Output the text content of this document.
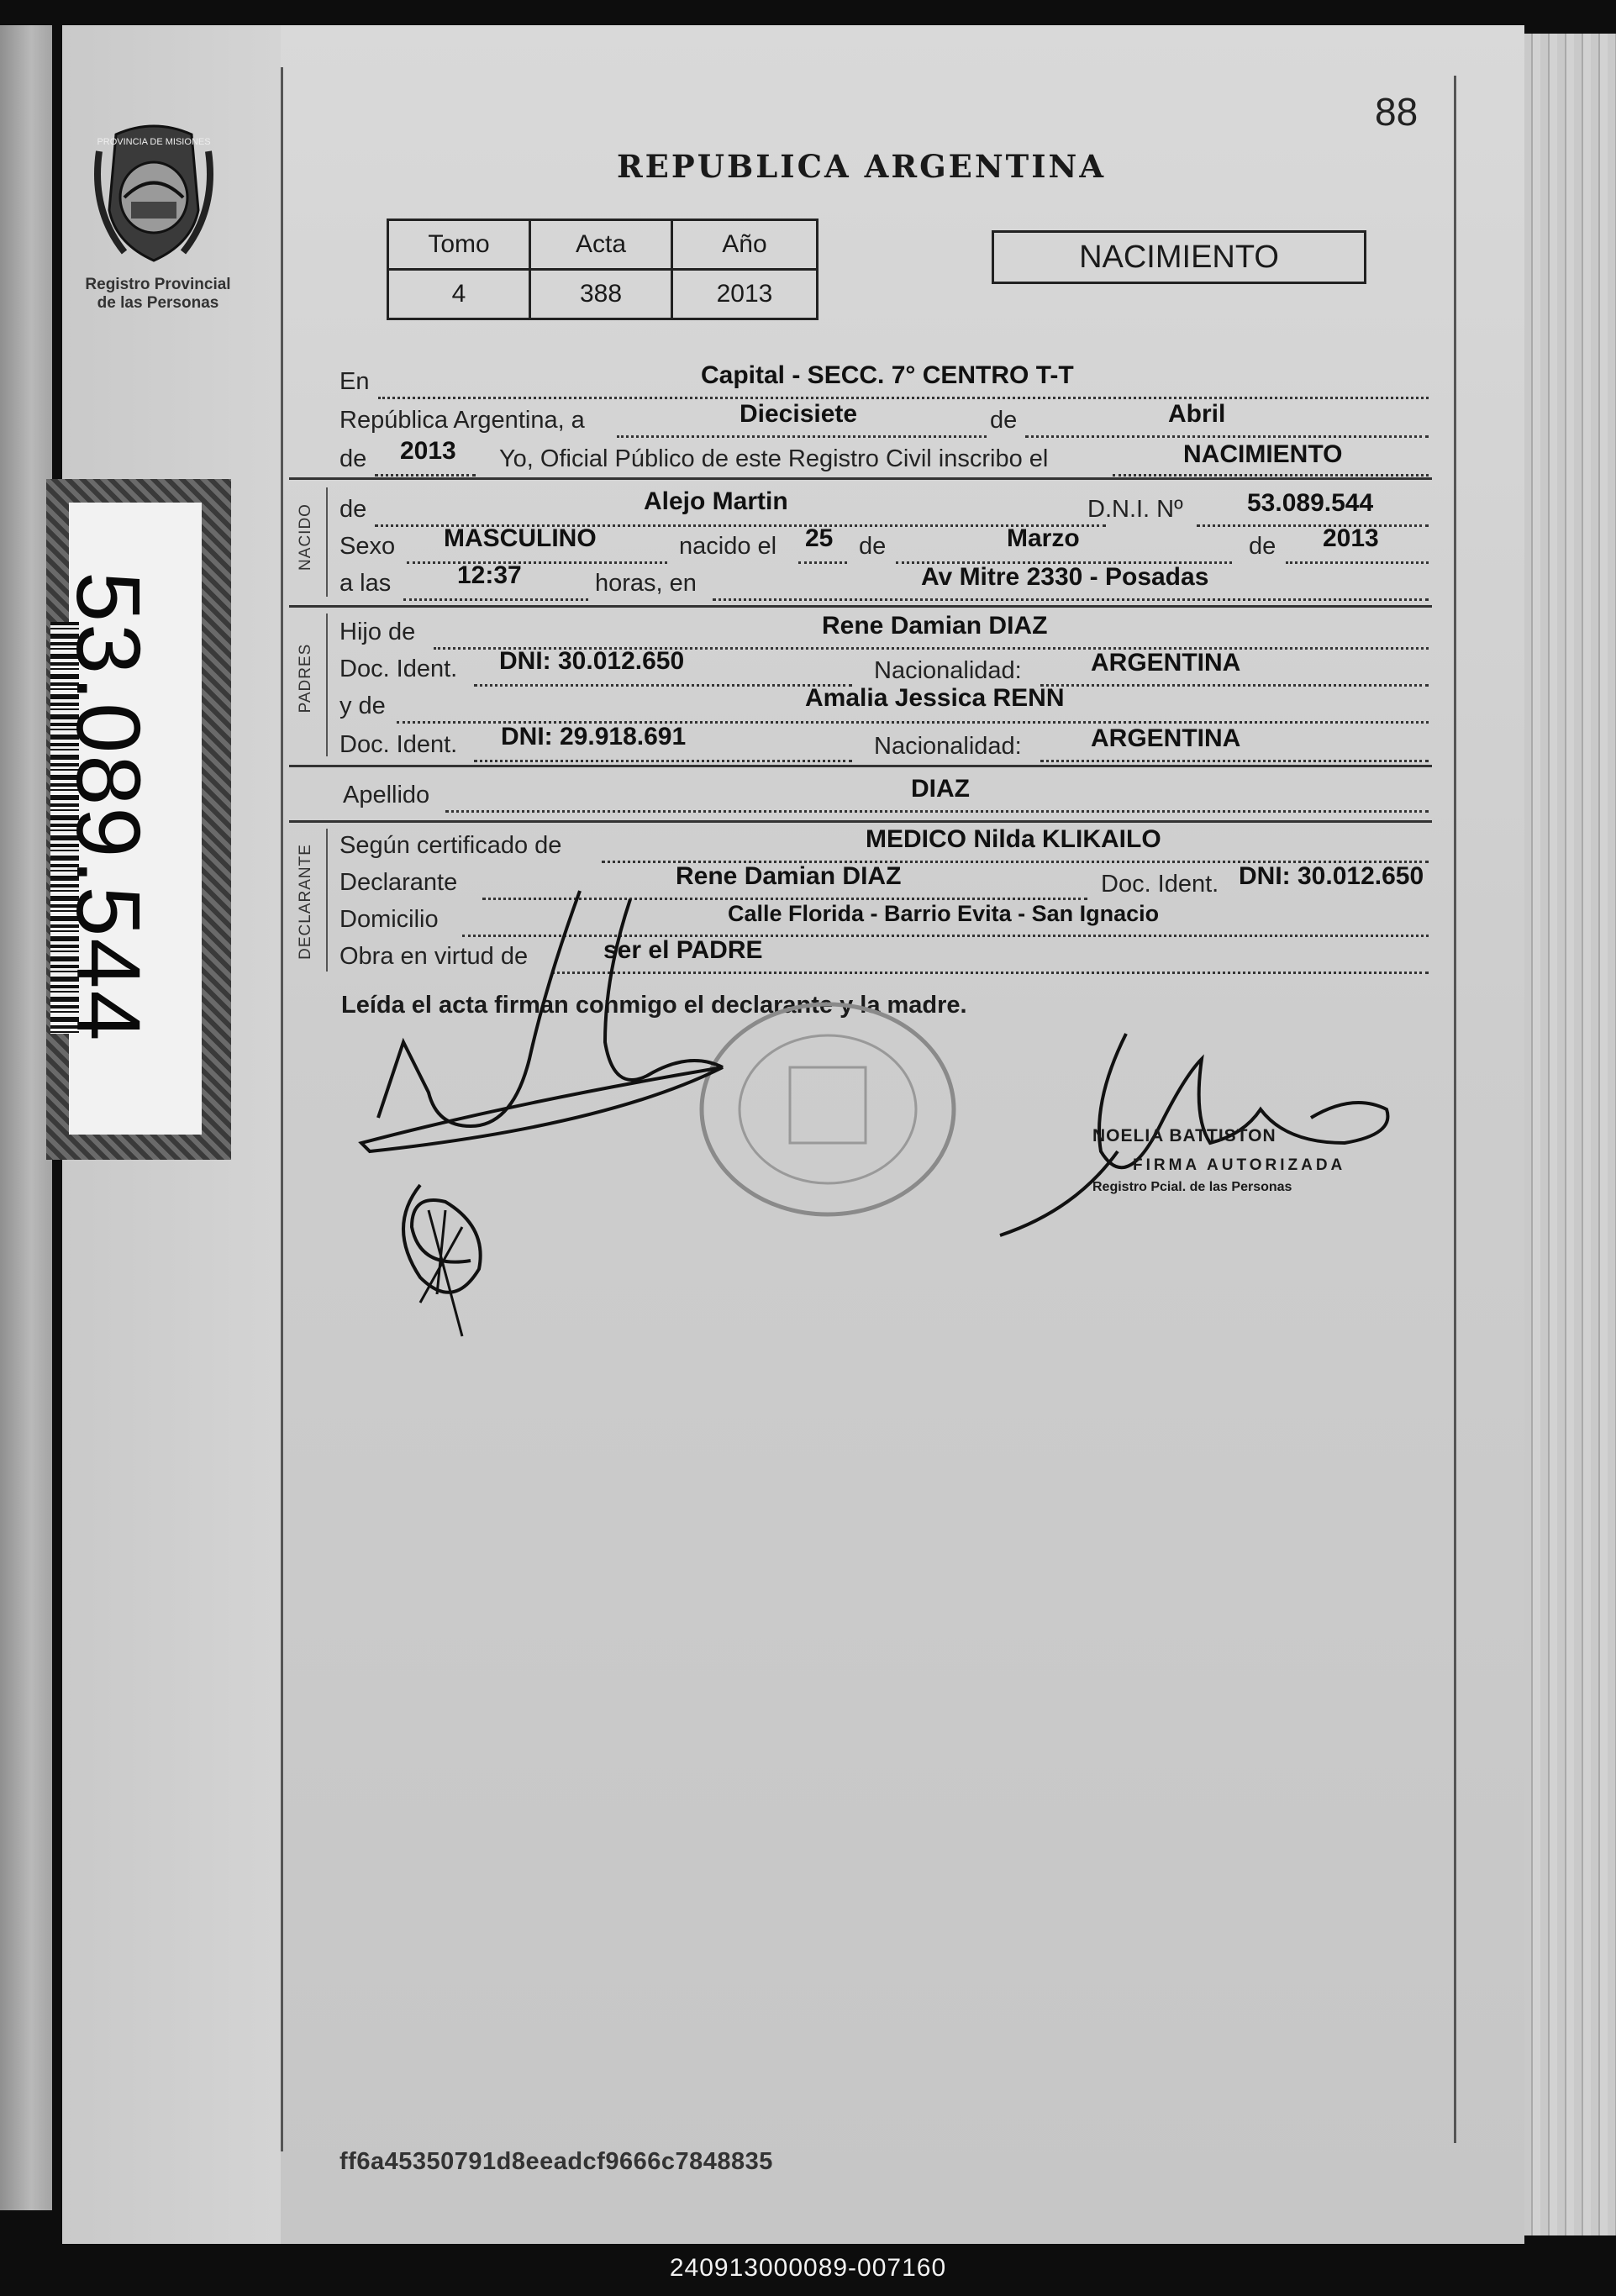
PROVINCIA DE MISIONES
Registro Provincial
de las Personas
53.089.544
88
REPUBLICA ARGENTINA
Tomo	Acta	Año
4	388	2013
NACIMIENTO
NACIDO
PADRES
DECLARANTE
En	Capital - SECC. 7° CENTRO T-T
República Argentina, a	Diecisiete	de	Abril
de 2013 Yo, Oficial Público de este Registro Civil inscribo el	NACIMIENTO
de	Alejo Martin	D.N.I. Nº	53.089.544
Sexo MASCULINO	nacido el 25 de	Marzo	de 2013
a las	12:37	horas, en	Av Mitre 2330 - Posadas
Hijo de	Rene Damian DIAZ
Doc. Ident. DNI: 30.012.650	Nacionalidad:	ARGENTINA
y de	Amalia Jessica RENN
Doc. Ident. DNI: 29.918.691	Nacionalidad:	ARGENTINA
Apellido	DIAZ
Según certificado de	MEDICO Nilda KLIKAILO
Declarante	Rene Damian DIAZ	Doc. Ident. DNI: 30.012.650
Domicilio	Calle Florida - Barrio Evita - San Ignacio
Obra en virtud de	ser el PADRE
Leída el acta firman conmigo el declarante y la madre.
NOELIA BATTISTON
FIRMA AUTORIZADA
Registro Pcial. de las Personas
ff6a45350791d8eeadcf9666c7848835
240913000089-007160
